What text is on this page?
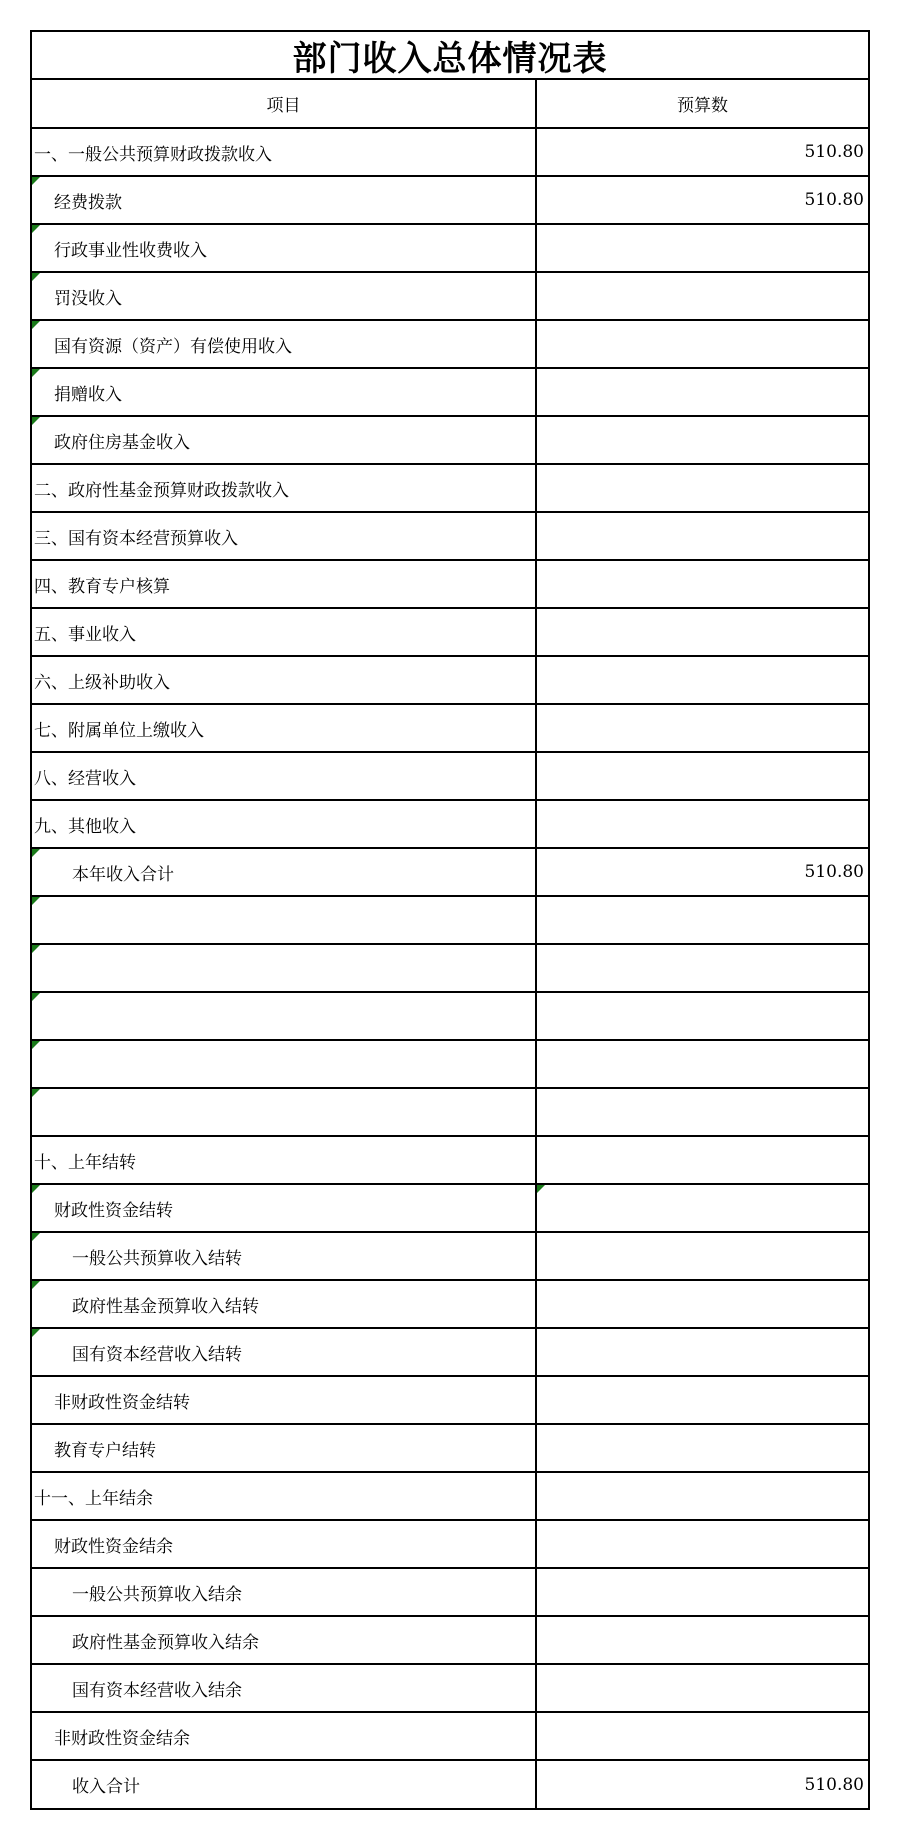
部门收入总体情况表
项目	预算数
一、一般公共预算财政拨款收入	510.80
经费拨款	510.80
行政事业性收费收入	
罚没收入	
国有资源（资产）有偿使用收入	
捐赠收入	
政府住房基金收入	
二、政府性基金预算财政拨款收入	
三、国有资本经营预算收入	
四、教育专户核算	
五、事业收入	
六、上级补助收入	
七、附属单位上缴收入	
八、经营收入	
九、其他收入	
本年收入合计	510.80

十、上年结转	
财政性资金结转	
一般公共预算收入结转	
政府性基金预算收入结转	
国有资本经营收入结转	
非财政性资金结转	
教育专户结转	
十一、上年结余	
财政性资金结余	
一般公共预算收入结余	
政府性基金预算收入结余	
国有资本经营收入结余	
非财政性资金结余	
收入合计	510.80
